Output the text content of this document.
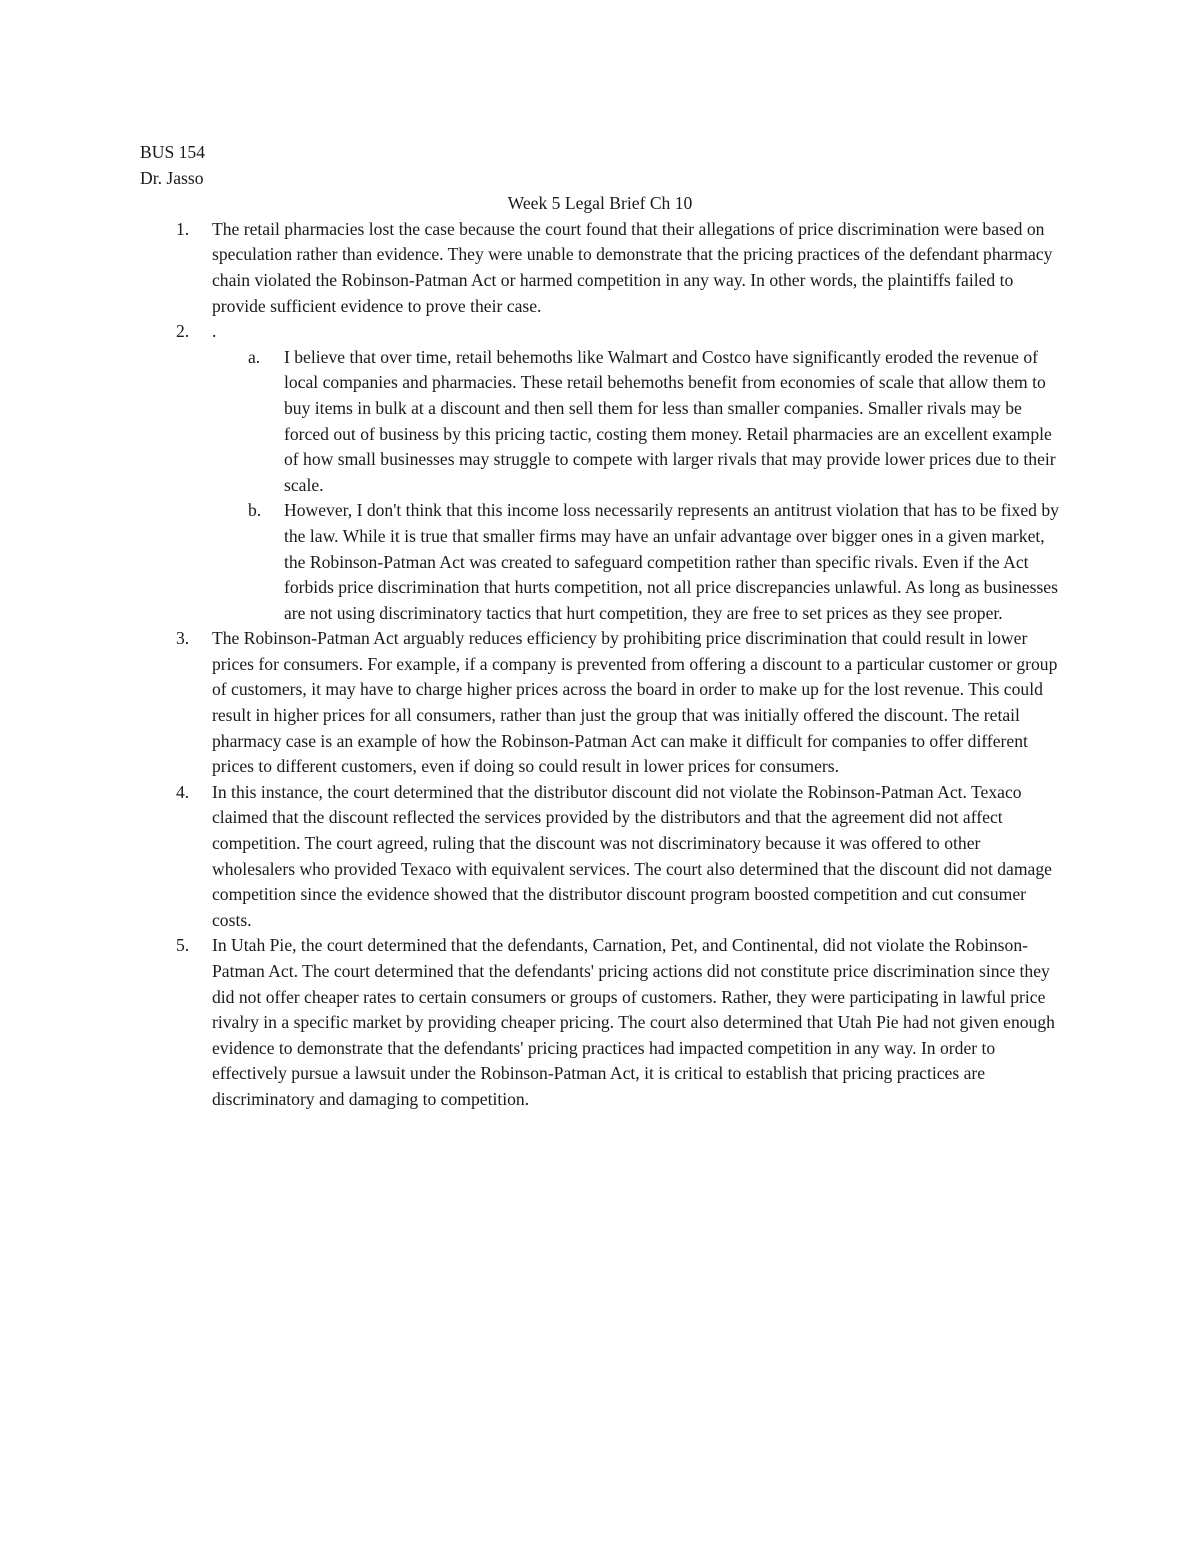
BUS 154

Dr. Jasso

Week 5 Legal Brief Ch 10

1.	The retail pharmacies lost the case because the court found that their allegations of price discrimination were based on speculation rather than evidence. They were unable to demonstrate that the pricing practices of the defendant pharmacy chain violated the Robinson-Patman Act or harmed competition in any way. In other words, the plaintiffs failed to provide sufficient evidence to prove their case.
2.	.
a.	I believe that over time, retail behemoths like Walmart and Costco have significantly eroded the revenue of local companies and pharmacies. These retail behemoths benefit from economies of scale that allow them to buy items in bulk at a discount and then sell them for less than smaller companies. Smaller rivals may be forced out of business by this pricing tactic, costing them money. Retail pharmacies are an excellent example of how small businesses may struggle to compete with larger rivals that may provide lower prices due to their scale.
b.	However, I don't think that this income loss necessarily represents an antitrust violation that has to be fixed by the law. While it is true that smaller firms may have an unfair advantage over bigger ones in a given market, the Robinson-Patman Act was created to safeguard competition rather than specific rivals. Even if the Act forbids price discrimination that hurts competition, not all price discrepancies unlawful. As long as businesses are not using discriminatory tactics that hurt competition, they are free to set prices as they see proper.
3.	The Robinson-Patman Act arguably reduces efficiency by prohibiting price discrimination that could result in lower prices for consumers. For example, if a company is prevented from offering a discount to a particular customer or group of customers, it may have to charge higher prices across the board in order to make up for the lost revenue. This could result in higher prices for all consumers, rather than just the group that was initially offered the discount. The retail pharmacy case is an example of how the Robinson-Patman Act can make it difficult for companies to offer different prices to different customers, even if doing so could result in lower prices for consumers.
4.	In this instance, the court determined that the distributor discount did not violate the Robinson-Patman Act. Texaco claimed that the discount reflected the services provided by the distributors and that the agreement did not affect competition. The court agreed, ruling that the discount was not discriminatory because it was offered to other wholesalers who provided Texaco with equivalent services. The court also determined that the discount did not damage competition since the evidence showed that the distributor discount program boosted competition and cut consumer costs.
5.	In Utah Pie, the court determined that the defendants, Carnation, Pet, and Continental, did not violate the Robinson-Patman Act. The court determined that the defendants' pricing actions did not constitute price discrimination since they did not offer cheaper rates to certain consumers or groups of customers. Rather, they were participating in lawful price rivalry in a specific market by providing cheaper pricing. The court also determined that Utah Pie had not given enough evidence to demonstrate that the defendants' pricing practices had impacted competition in any way. In order to effectively pursue a lawsuit under the Robinson-Patman Act, it is critical to establish that pricing practices are discriminatory and damaging to competition.
